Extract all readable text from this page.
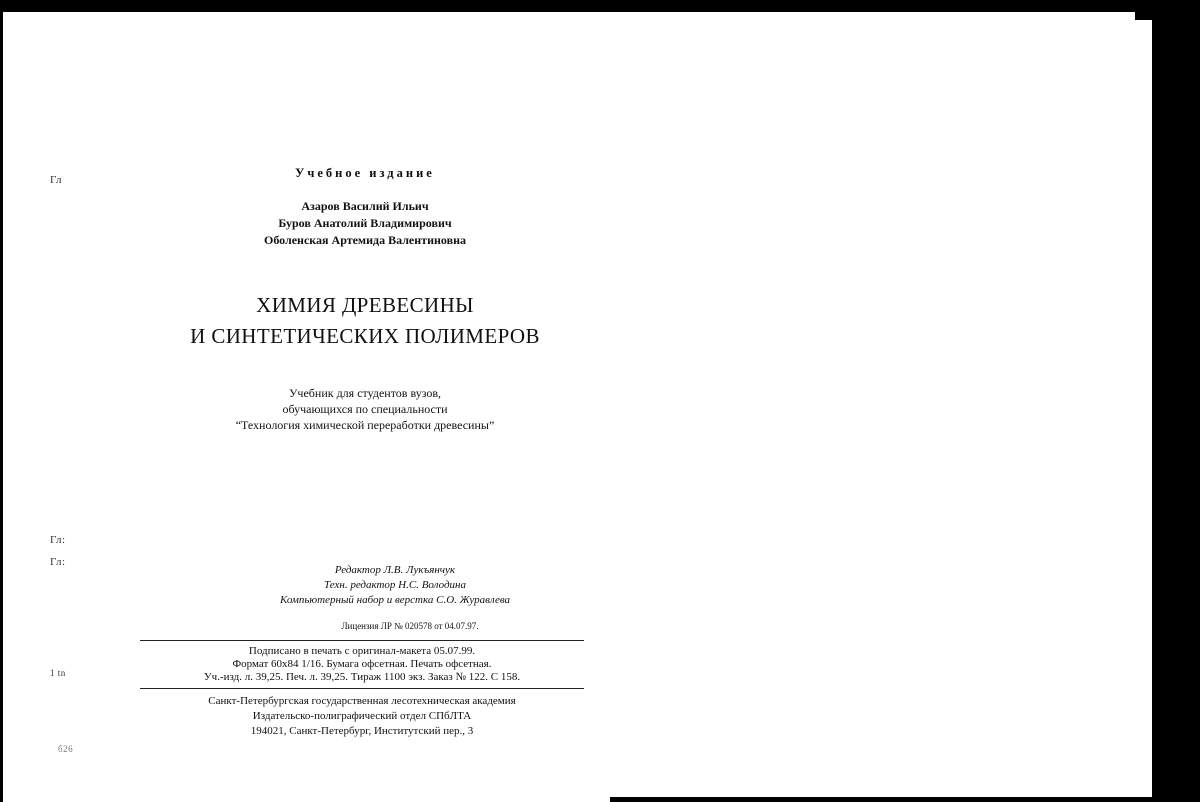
Гл
Гл:
Гл:
1 tn
б26
Учебное издание
Азаров Василий Ильич
Буров Анатолий Владимирович
Оболенская Артемида Валентиновна
ХИМИЯ ДРЕВЕСИНЫ
И СИНТЕТИЧЕСКИХ ПОЛИМЕРОВ
Учебник для студентов вузов,
обучающихся по специальности
“Технология химической переработки древесины”
Редактор Л.В. Лукъянчук
Техн. редактор Н.С. Володина
Компьютерный набор и верстка С.О. Журавлева
Лицензия ЛР № 020578 от 04.07.97.
Подписано в печать с оригинал-макета 05.07.99.
Формат 60х84 1/16. Бумага офсетная. Печать офсетная.
Уч.-изд. л. 39,25. Печ. л. 39,25. Тираж 1100 экз. Заказ № 122. С 158.
Санкт-Петербургская государственная лесотехническая академия
Издательско-полиграфический отдел СПбЛТА
194021, Санкт-Петербург, Институтский пер., 3
